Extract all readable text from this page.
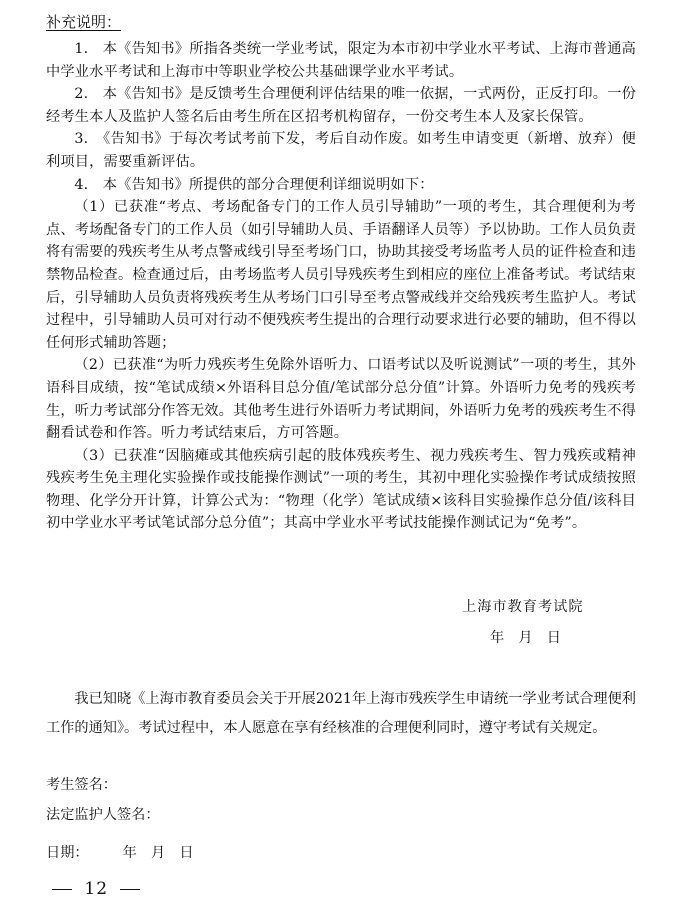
补充说明：

1.　本《告知书》所指各类统一学业考试，限定为本市初中学业水平考试、上海市普通高中学业水平考试和上海市中等职业学校公共基础课学业水平考试。

2.　本《告知书》是反馈考生合理便利评估结果的唯一依据，一式两份，正反打印。一份经考生本人及监护人签名后由考生所在区招考机构留存，一份交考生本人及家长保管。

3.　《告知书》于每次考试考前下发，考后自动作废。如考生申请变更（新增、放弃）便利项目，需要重新评估。

4.　本《告知书》所提供的部分合理便利详细说明如下：

（1）已获准“考点、考场配备专门的工作人员引导辅助”一项的考生，其合理便利为考点、考场配备专门的工作人员（如引导辅助人员、手语翻译人员等）予以协助。工作人员负责将有需要的残疾考生从考点警戒线引导至考场门口，协助其接受考场监考人员的证件检查和违禁物品检查。检查通过后，由考场监考人员引导残疾考生到相应的座位上准备考试。考试结束后，引导辅助人员负责将残疾考生从考场门口引导至考点警戒线并交给残疾考生监护人。考试过程中，引导辅助人员可对行动不便残疾考生提出的合理行动要求进行必要的辅助，但不得以任何形式辅助答题；

（2）已获准“为听力残疾考生免除外语听力、口语考试以及听说测试”一项的考生，其外语科目成绩，按“笔试成绩×外语科目总分值/笔试部分总分值”计算。外语听力免考的残疾考生，听力考试部分作答无效。其他考生进行外语听力考试期间，外语听力免考的残疾考生不得翻看试卷和作答。听力考试结束后，方可答题。

（3）已获准“因脑瘫或其他疾病引起的肢体残疾考生、视力残疾考生、智力残疾或精神残疾考生免主理化实验操作或技能操作测试”一项的考生，其初中理化实验操作考试成绩按照物理、化学分开计算，计算公式为：“物理（化学）笔试成绩×该科目实验操作总分值/该科目初中学业水平考试笔试部分总分值”；其高中学业水平考试技能操作测试记为“免考”。

上海市教育考试院
年　月　日

我已知晓《上海市教育委员会关于开展2021年上海市残疾学生申请统一学业考试合理便利工作的通知》。考试过程中，本人愿意在享有经核准的合理便利同时，遵守考试有关规定。

考生签名：
法定监护人签名：
日期： 年　月　日
12
